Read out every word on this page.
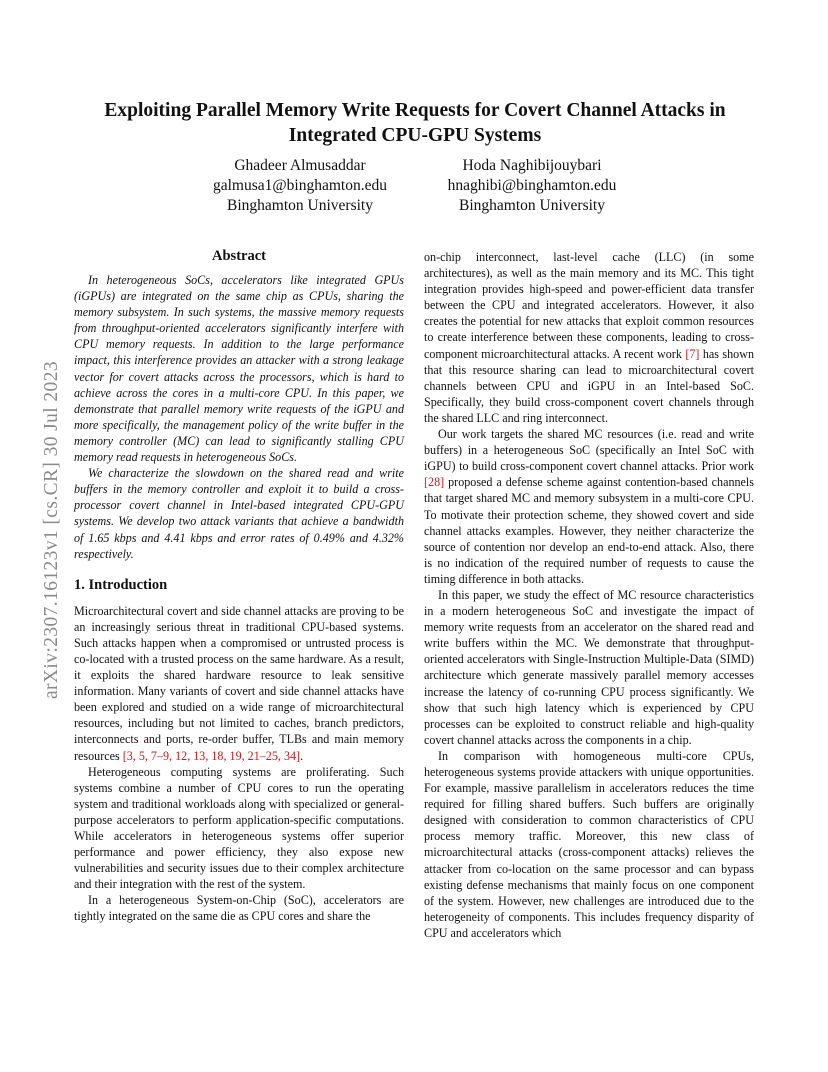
arXiv:2307.16123v1 [cs.CR] 30 Jul 2023
Exploiting Parallel Memory Write Requests for Covert Channel Attacks in Integrated CPU-GPU Systems
Ghadeer Almusaddar
galmusa1@binghamton.edu
Binghamton University
Hoda Naghibijouybari
hnaghibi@binghamton.edu
Binghamton University
Abstract

In heterogeneous SoCs, accelerators like integrated GPUs (iGPUs) are integrated on the same chip as CPUs, sharing the memory subsystem. In such systems, the massive memory requests from throughput-oriented accelerators significantly interfere with CPU memory requests. In addition to the large performance impact, this interference provides an attacker with a strong leakage vector for covert attacks across the processors, which is hard to achieve across the cores in a multi-core CPU. In this paper, we demonstrate that parallel memory write requests of the iGPU and more specifically, the management policy of the write buffer in the memory controller (MC) can lead to significantly stalling CPU memory read requests in heterogeneous SoCs.

We characterize the slowdown on the shared read and write buffers in the memory controller and exploit it to build a cross-processor covert channel in Intel-based integrated CPU-GPU systems. We develop two attack variants that achieve a bandwidth of 1.65 kbps and 4.41 kbps and error rates of 0.49% and 4.32% respectively.

1. Introduction

Microarchitectural covert and side channel attacks are proving to be an increasingly serious threat in traditional CPU-based systems. Such attacks happen when a compromised or untrusted process is co-located with a trusted process on the same hardware. As a result, it exploits the shared hardware resource to leak sensitive information. Many variants of covert and side channel attacks have been explored and studied on a wide range of microarchitectural resources, including but not limited to caches, branch predictors, interconnects and ports, re-order buffer, TLBs and main memory resources [3, 5, 7–9, 12, 13, 18, 19, 21–25, 34].

Heterogeneous computing systems are proliferating. Such systems combine a number of CPU cores to run the operating system and traditional workloads along with specialized or general-purpose accelerators to perform application-specific computations. While accelerators in heterogeneous systems offer superior performance and power efficiency, they also expose new vulnerabilities and security issues due to their complex architecture and their integration with the rest of the system.

In a heterogeneous System-on-Chip (SoC), accelerators are tightly integrated on the same die as CPU cores and share the

on-chip interconnect, last-level cache (LLC) (in some architectures), as well as the main memory and its MC. This tight integration provides high-speed and power-efficient data transfer between the CPU and integrated accelerators. However, it also creates the potential for new attacks that exploit common resources to create interference between these components, leading to cross-component microarchitectural attacks. A recent work [7] has shown that this resource sharing can lead to microarchitectural covert channels between CPU and iGPU in an Intel-based SoC. Specifically, they build cross-component covert channels through the shared LLC and ring interconnect.

Our work targets the shared MC resources (i.e. read and write buffers) in a heterogeneous SoC (specifically an Intel SoC with iGPU) to build cross-component covert channel attacks. Prior work [28] proposed a defense scheme against contention-based channels that target shared MC and memory subsystem in a multi-core CPU. To motivate their protection scheme, they showed covert and side channel attacks examples. However, they neither characterize the source of contention nor develop an end-to-end attack. Also, there is no indication of the required number of requests to cause the timing difference in both attacks.

In this paper, we study the effect of MC resource characteristics in a modern heterogeneous SoC and investigate the impact of memory write requests from an accelerator on the shared read and write buffers within the MC. We demonstrate that throughput-oriented accelerators with Single-Instruction Multiple-Data (SIMD) architecture which generate massively parallel memory accesses increase the latency of co-running CPU process significantly. We show that such high latency which is experienced by CPU processes can be exploited to construct reliable and high-quality covert channel attacks across the components in a chip.

In comparison with homogeneous multi-core CPUs, heterogeneous systems provide attackers with unique opportunities. For example, massive parallelism in accelerators reduces the time required for filling shared buffers. Such buffers are originally designed with consideration to common characteristics of CPU process memory traffic. Moreover, this new class of microarchitectural attacks (cross-component attacks) relieves the attacker from co-location on the same processor and can bypass existing defense mechanisms that mainly focus on one component of the system. However, new challenges are introduced due to the heterogeneity of components. This includes frequency disparity of CPU and accelerators which
